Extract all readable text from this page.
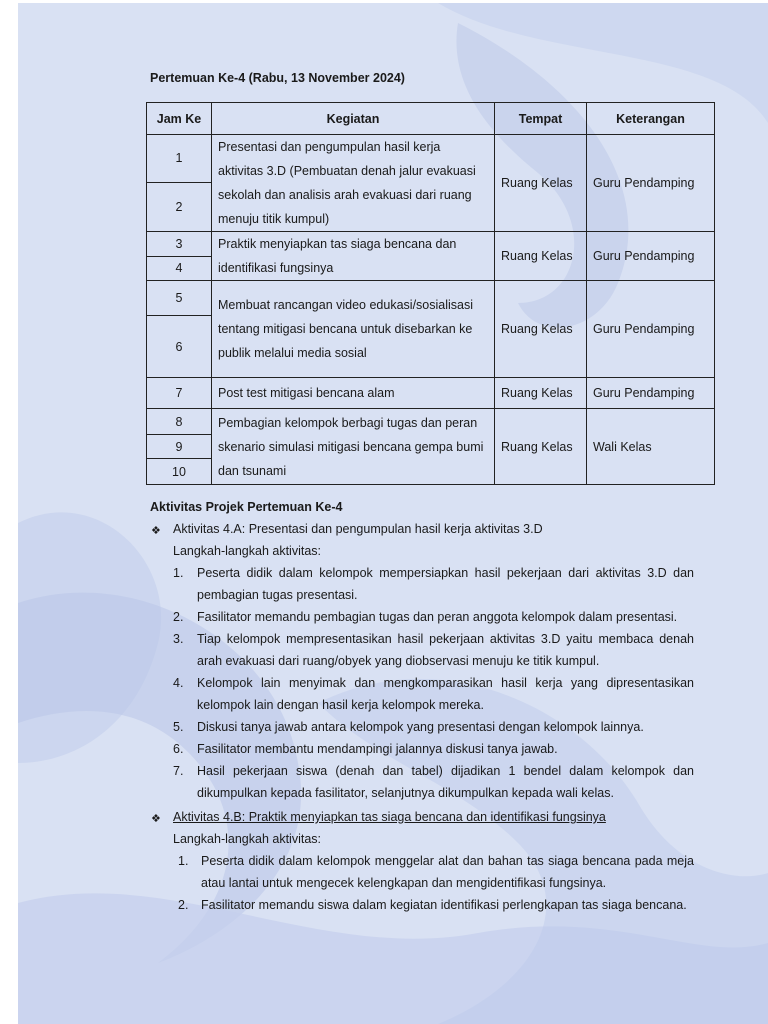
Pertemuan Ke-4 (Rabu, 13 November 2024)
Jam Ke	Kegiatan	Tempat	Keterangan
1	Presentasi dan pengumpulan hasil kerja aktivitas 3.D (Pembuatan denah jalur evakuasi sekolah dan analisis arah evakuasi dari ruang menuju titik kumpul)	Ruang Kelas	Guru Pendamping
2			
3	Praktik menyiapkan tas siaga bencana dan identifikasi fungsinya	Ruang Kelas	Guru Pendamping
4			
5	Membuat rancangan video edukasi/sosialisasi tentang mitigasi bencana untuk disebarkan ke publik melalui media sosial	Ruang Kelas	Guru Pendamping
6			
7	Post test mitigasi bencana alam	Ruang Kelas	Guru Pendamping
8	Pembagian kelompok berbagi tugas dan peran skenario simulasi mitigasi bencana gempa bumi dan tsunami	Ruang Kelas	Wali Kelas
9			
10			
Aktivitas Projek Pertemuan Ke-4
❖ Aktivitas 4.A: Presentasi dan pengumpulan hasil kerja aktivitas 3.D
Langkah-langkah aktivitas:
1. Peserta didik dalam kelompok mempersiapkan hasil pekerjaan dari aktivitas 3.D dan pembagian tugas presentasi.
2. Fasilitator memandu pembagian tugas dan peran anggota kelompok dalam presentasi.
3. Tiap kelompok mempresentasikan hasil pekerjaan aktivitas 3.D yaitu membaca denah arah evakuasi dari ruang/obyek yang diobservasi menuju ke titik kumpul.
4. Kelompok lain menyimak dan mengkomparasikan hasil kerja yang dipresentasikan kelompok lain dengan hasil kerja kelompok mereka.
5. Diskusi tanya jawab antara kelompok yang presentasi dengan kelompok lainnya.
6. Fasilitator membantu mendampingi jalannya diskusi tanya jawab.
7. Hasil pekerjaan siswa (denah dan tabel) dijadikan 1 bendel dalam kelompok dan dikumpulkan kepada fasilitator, selanjutnya dikumpulkan kepada wali kelas.
❖ Aktivitas 4.B: Praktik menyiapkan tas siaga bencana dan identifikasi fungsinya
Langkah-langkah aktivitas:
1. Peserta didik dalam kelompok menggelar alat dan bahan tas siaga bencana pada meja atau lantai untuk mengecek kelengkapan dan mengidentifikasi fungsinya.
2. Fasilitator memandu siswa dalam kegiatan identifikasi perlengkapan tas siaga bencana.
